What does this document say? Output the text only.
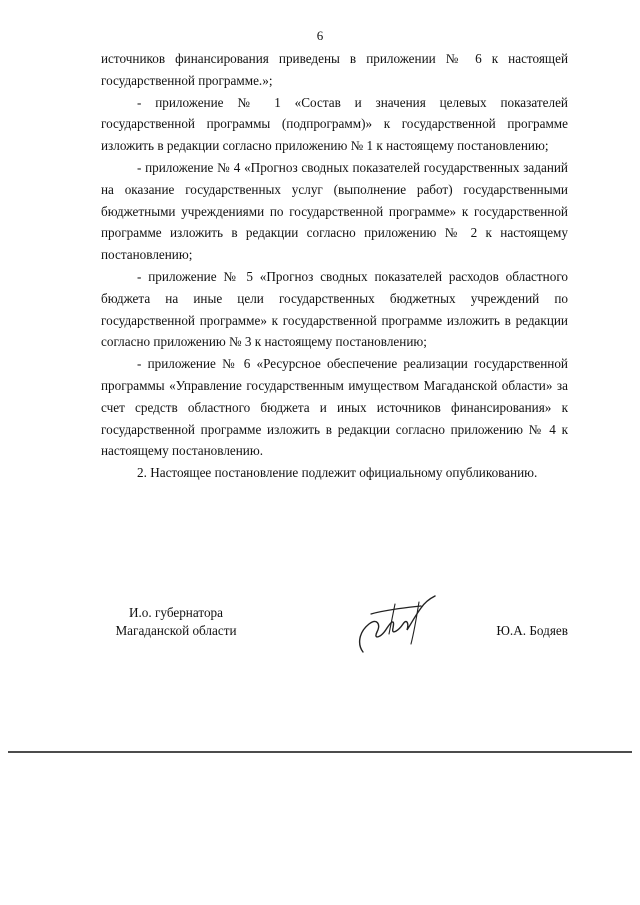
6

источников финансирования приведены в приложении № 6 к настоящей государственной программе.»;

- приложение № 1 «Состав и значения целевых показателей государственной программы (подпрограмм)» к государственной программе изложить в редакции согласно приложению № 1 к настоящему постановлению;

- приложение № 4 «Прогноз сводных показателей государственных заданий на оказание государственных услуг (выполнение работ) государственными бюджетными учреждениями по государственной программе» к государственной программе изложить в редакции согласно приложению № 2 к настоящему постановлению;

- приложение № 5 «Прогноз сводных показателей расходов областного бюджета на иные цели государственных бюджетных учреждений по государственной программе» к государственной программе изложить в редакции согласно приложению № 3 к настоящему постановлению;

- приложение № 6 «Ресурсное обеспечение реализации государственной программы «Управление государственным имуществом Магаданской области» за счет средств областного бюджета и иных источников финансирования» к государственной программе изложить в редакции согласно приложению № 4 к настоящему постановлению.

2. Настоящее постановление подлежит официальному опубликованию.

И.о. губернатора
Магаданской области	Ю.А. Бодяев
